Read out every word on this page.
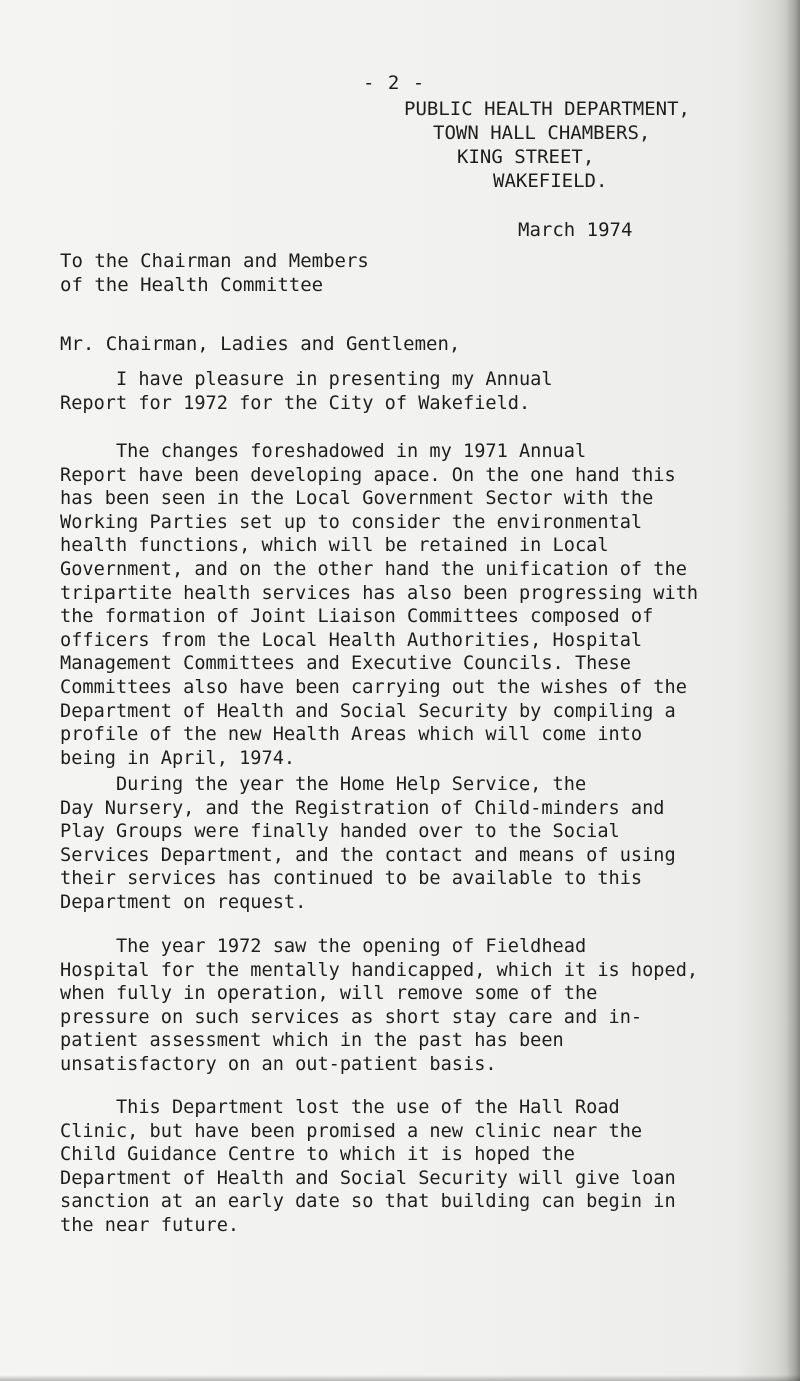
- 2 -
PUBLIC HEALTH DEPARTMENT,
TOWN HALL CHAMBERS,
KING STREET,
WAKEFIELD.
March 1974
To the Chairman and Members
of the Health Committee
Mr. Chairman, Ladies and Gentlemen,
I have pleasure in presenting my Annual
Report for 1972 for the City of Wakefield.
The changes foreshadowed in my 1971 Annual
Report have been developing apace. On the one hand this
has been seen in the Local Government Sector with the
Working Parties set up to consider the environmental
health functions, which will be retained in Local
Government, and on the other hand the unification of the
tripartite health services has also been progressing with
the formation of Joint Liaison Committees composed of
officers from the Local Health Authorities, Hospital
Management Committees and Executive Councils. These
Committees also have been carrying out the wishes of the
Department of Health and Social Security by compiling a
profile of the new Health Areas which will come into
being in April, 1974.
During the year the Home Help Service, the
Day Nursery, and the Registration of Child-minders and
Play Groups were finally handed over to the Social
Services Department, and the contact and means of using
their services has continued to be available to this
Department on request.
The year 1972 saw the opening of Fieldhead
Hospital for the mentally handicapped, which it is hoped,
when fully in operation, will remove some of the
pressure on such services as short stay care and in-
patient assessment which in the past has been
unsatisfactory on an out-patient basis.
This Department lost the use of the Hall Road
Clinic, but have been promised a new clinic near the
Child Guidance Centre to which it is hoped the
Department of Health and Social Security will give loan
sanction at an early date so that building can begin in
the near future.
